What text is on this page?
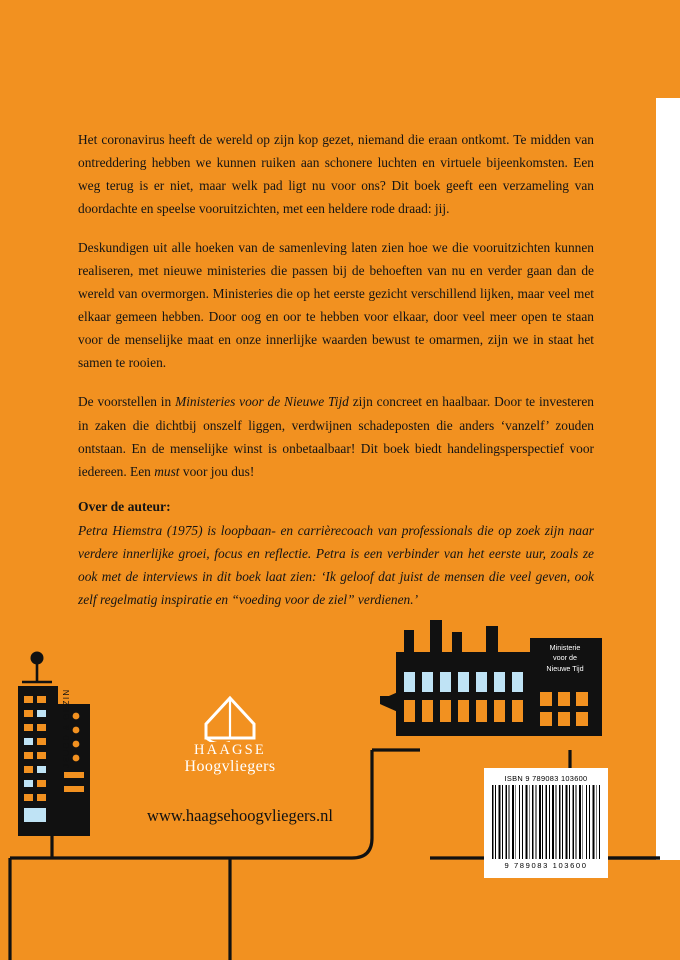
Het coronavirus heeft de wereld op zijn kop gezet, niemand die eraan ontkomt. Te midden van ontreddering hebben we kunnen ruiken aan schonere luchten en virtuele bijeenkomsten. Een weg terug is er niet, maar welk pad ligt nu voor ons? Dit boek geeft een verzameling van doordachte en speelse vooruitzichten, met een heldere rode draad: jij.

Deskundigen uit alle hoeken van de samenleving laten zien hoe we die vooruitzichten kunnen realiseren, met nieuwe ministeries die passen bij de behoeften van nu en verder gaan dan de wereld van overmorgen. Ministeries die op het eerste gezicht verschillend lijken, maar veel met elkaar gemeen hebben. Door oog en oor te hebben voor elkaar, door veel meer open te staan voor de menselijke maat en onze innerlijke waarden bewust te omarmen, zijn we in staat het samen te rooien.

De voorstellen in Ministeries voor de Nieuwe Tijd zijn concreet en haalbaar. Door te investeren in zaken die dichtbij onszelf liggen, verdwijnen schadeposten die anders ‘vanzelf’ zouden ontstaan. En de menselijke winst is onbetaalbaar! Dit boek biedt handelingsperspectief voor iedereen. Een must voor jou dus!

Over de auteur:

Petra Hiemstra (1975) is loopbaan- en carrièrecoach van professionals die op zoek zijn naar verdere innerlijke groei, focus en reflectie. Petra is een verbinder van het eerste uur, zoals ze ook met de interviews in dit boek laat zien: ‘Ik geloof dat juist de mensen die veel geven, ook zelf regelmatig inspiratie en “voeding voor de ziel” verdienen.’

Ministerie
voor de
Nieuwe Tijd
JEUGD & GEZIN	HAAGSE
Hoogvliegers
www.haagsehoogvliegers.nl
ISBN 9 789083 103600
9 789083 103600
